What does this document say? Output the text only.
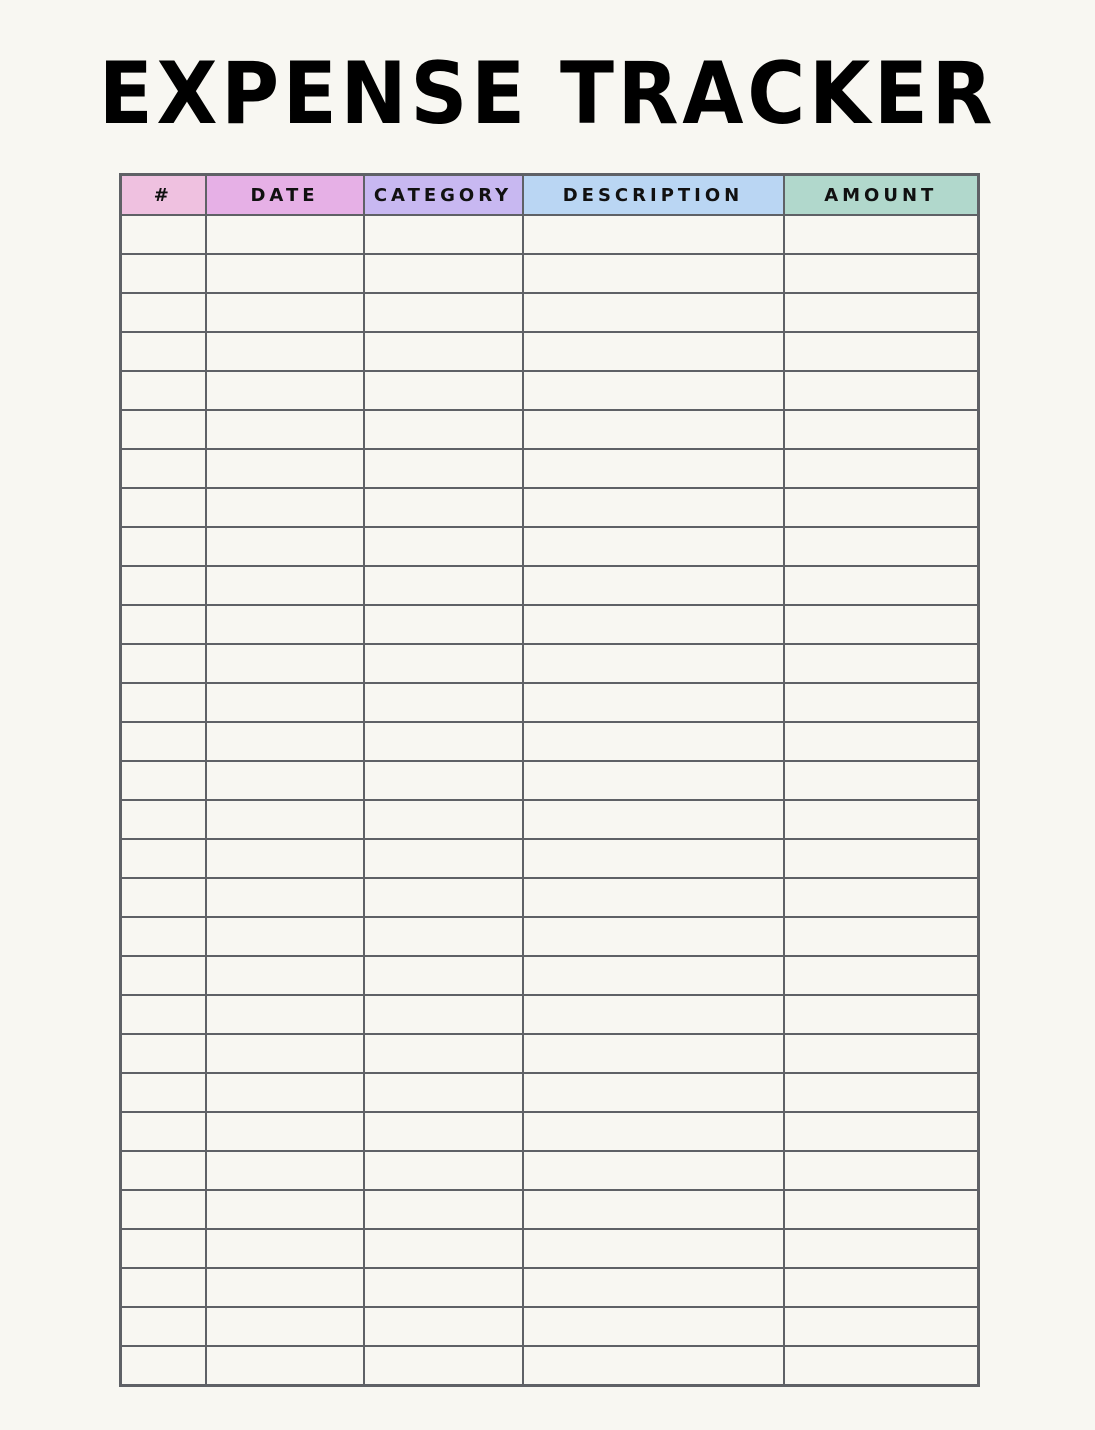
EXPENSE TRACKER
#	DATE	CATEGORY	DESCRIPTION	AMOUNT
